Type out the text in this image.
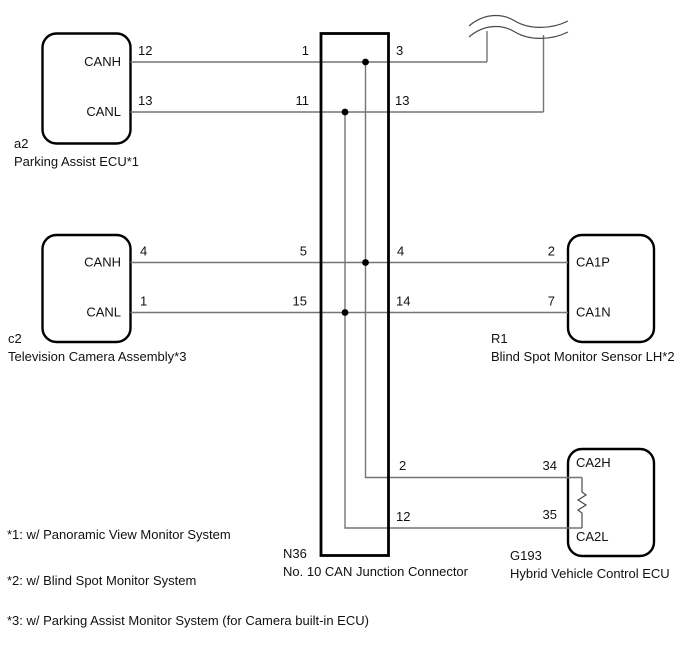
CANH
CANL
12
13
a2
Parking Assist ECU*1
1
11
3
13
CANH
CANL
4
1
c2
Television Camera Assembly*3
5
15
4
14
2
7
CA1P
CA1N
R1
Blind Spot Monitor Sensor LH*2
2
12
34
35
CA2H
CA2L
G193
Hybrid Vehicle Control ECU
N36
No. 10 CAN Junction Connector
*1: w/ Panoramic View Monitor System
*2: w/ Blind Spot Monitor System
*3: w/ Parking Assist Monitor System (for Camera built-in ECU)
